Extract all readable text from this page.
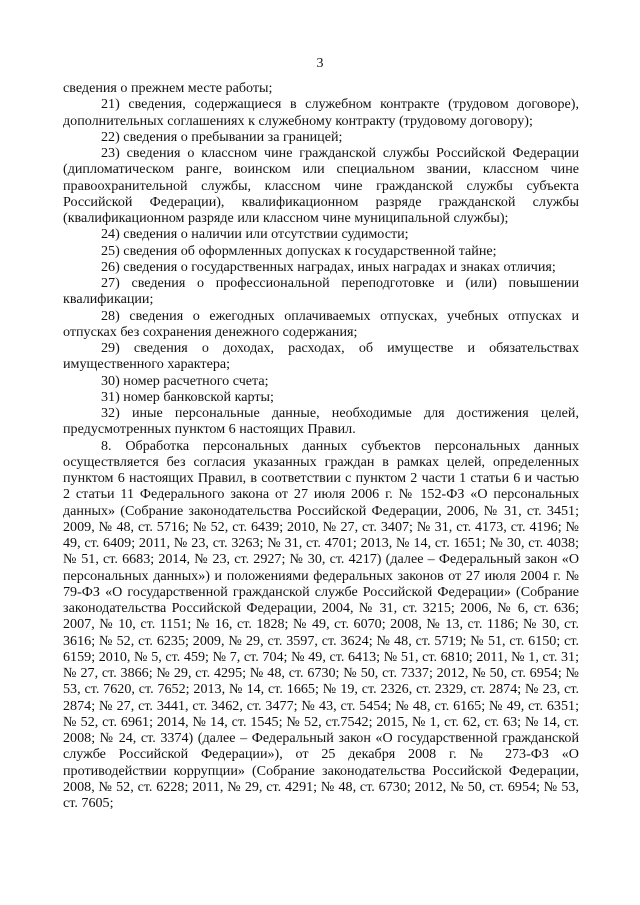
3

сведения о прежнем месте работы;

21) сведения, содержащиеся в служебном контракте (трудовом договоре), дополнительных соглашениях к служебному контракту (трудовому договору);

22) сведения о пребывании за границей;

23) сведения о классном чине гражданской службы Российской Федерации (дипломатическом ранге, воинском или специальном звании, классном чине правоохранительной службы, классном чине гражданской службы субъекта Российской Федерации), квалификационном разряде гражданской службы (квалификационном разряде или классном чине муниципальной службы);

24) сведения о наличии или отсутствии судимости;

25) сведения об оформленных допусках к государственной тайне;

26) сведения о государственных наградах, иных наградах и знаках отличия;

27) сведения о профессиональной переподготовке и (или) повышении квалификации;

28) сведения о ежегодных оплачиваемых отпусках, учебных отпусках и отпусках без сохранения денежного содержания;

29) сведения о доходах, расходах, об имуществе и обязательствах имущественного характера;

30) номер расчетного счета;

31) номер банковской карты;

32) иные персональные данные, необходимые для достижения целей, предусмотренных пунктом 6 настоящих Правил.

8. Обработка персональных данных субъектов персональных данных осуществляется без согласия указанных граждан в рамках целей, определенных пунктом 6 настоящих Правил, в соответствии с пунктом 2 части 1 статьи 6 и частью 2 статьи 11 Федерального закона от 27 июля 2006 г. № 152-ФЗ «О персональных данных» (Собрание законодательства Российской Федерации, 2006, № 31, ст. 3451; 2009, № 48, ст. 5716; № 52, ст. 6439; 2010, № 27, ст. 3407; № 31, ст. 4173, ст. 4196; № 49, ст. 6409; 2011, № 23, ст. 3263; № 31, ст. 4701; 2013, № 14, ст. 1651; № 30, ст. 4038; № 51, ст. 6683; 2014, № 23, ст. 2927; № 30, ст. 4217) (далее – Федеральный закон «О персональных данных») и положениями федеральных законов от 27 июля 2004 г. № 79-ФЗ «О государственной гражданской службе Российской Федерации» (Собрание законодательства Российской Федерации, 2004, № 31, ст. 3215; 2006, № 6, ст. 636; 2007, № 10, ст. 1151; № 16, ст. 1828; № 49, ст. 6070; 2008, № 13, ст. 1186; № 30, ст. 3616; № 52, ст. 6235; 2009, № 29, ст. 3597, ст. 3624; № 48, ст. 5719; № 51, ст. 6150; ст. 6159; 2010, № 5, ст. 459; № 7, ст. 704; № 49, ст. 6413; № 51, ст. 6810; 2011, № 1, ст. 31; № 27, ст. 3866; № 29, ст. 4295; № 48, ст. 6730; № 50, ст. 7337; 2012, № 50, ст. 6954; № 53, ст. 7620, ст. 7652; 2013, № 14, ст. 1665; № 19, ст. 2326, ст. 2329, ст. 2874; № 23, ст. 2874; № 27, ст. 3441, ст. 3462, ст. 3477; № 43, ст. 5454; № 48, ст. 6165; № 49, ст. 6351; № 52, ст. 6961; 2014, № 14, ст. 1545; № 52, ст.7542; 2015, № 1, ст. 62, ст. 63; № 14, ст. 2008; № 24, ст. 3374) (далее – Федеральный закон «О государственной гражданской службе Российской Федерации»), от 25 декабря 2008 г. № 273-ФЗ «О противодействии коррупции» (Собрание законодательства Российской Федерации, 2008, № 52, ст. 6228; 2011, № 29, ст. 4291; № 48, ст. 6730; 2012, № 50, ст. 6954; № 53, ст. 7605;
